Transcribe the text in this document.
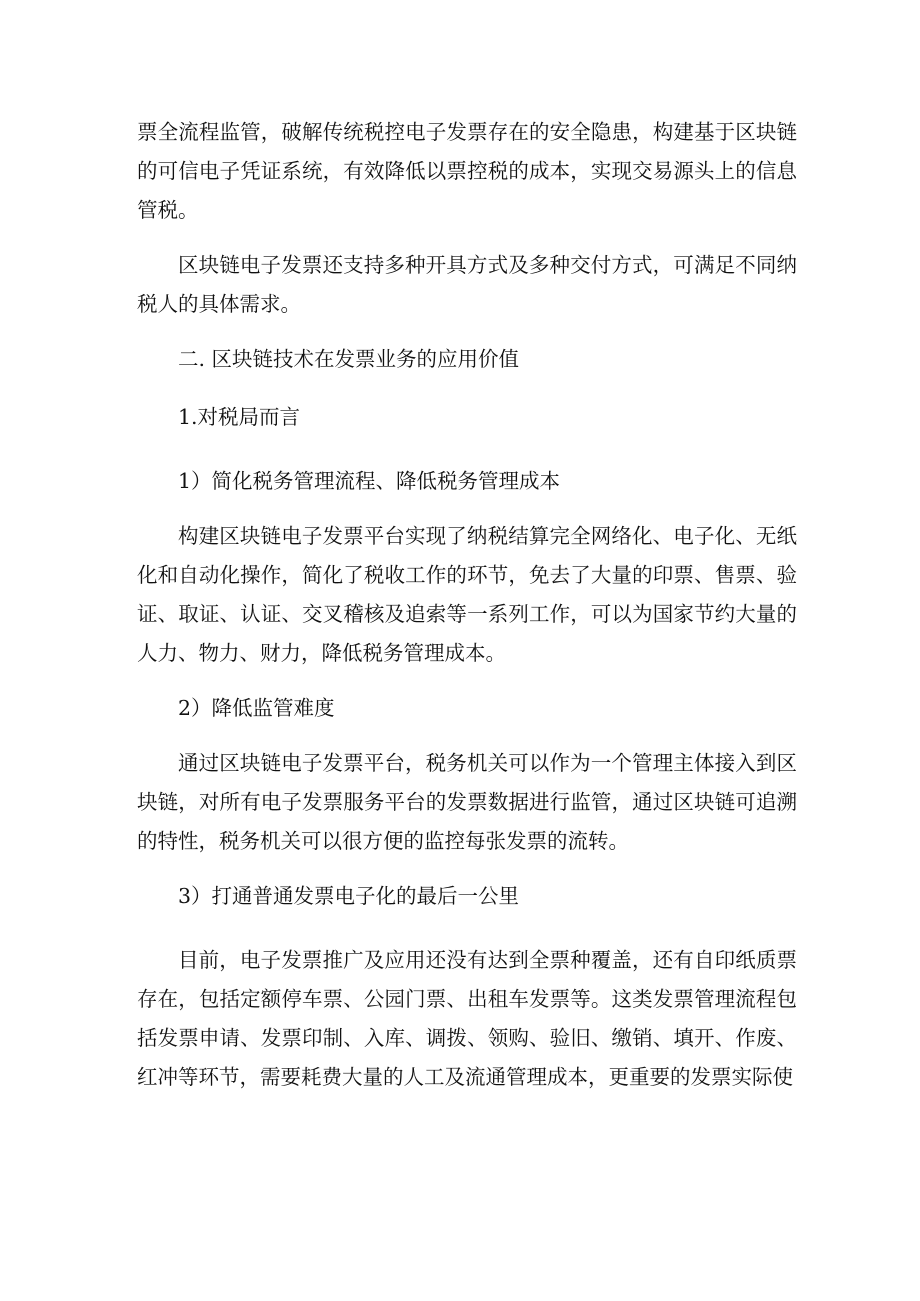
票全流程监管，破解传统税控电子发票存在的安全隐患，构建基于区块链的可信电子凭证系统，有效降低以票控税的成本，实现交易源头上的信息管税。

区块链电子发票还支持多种开具方式及多种交付方式，可满足不同纳税人的具体需求。

二. 区块链技术在发票业务的应用价值

1.对税局而言

1）简化税务管理流程、降低税务管理成本

构建区块链电子发票平台实现了纳税结算完全网络化、电子化、无纸化和自动化操作，简化了税收工作的环节，免去了大量的印票、售票、验证、取证、认证、交叉稽核及追索等一系列工作，可以为国家节约大量的人力、物力、财力，降低税务管理成本。

2）降低监管难度

通过区块链电子发票平台，税务机关可以作为一个管理主体接入到区块链，对所有电子发票服务平台的发票数据进行监管，通过区块链可追溯的特性，税务机关可以很方便的监控每张发票的流转。

3）打通普通发票电子化的最后一公里

目前，电子发票推广及应用还没有达到全票种覆盖，还有自印纸质票存在，包括定额停车票、公园门票、出租车发票等。这类发票管理流程包括发票申请、发票印制、入库、调拨、领购、验旧、缴销、填开、作废、红冲等环节，需要耗费大量的人工及流通管理成本，更重要的发票实际使
